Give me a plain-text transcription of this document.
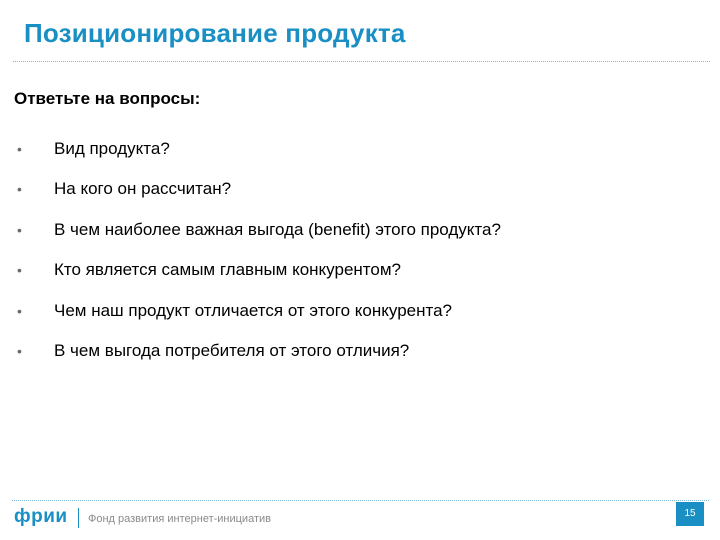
Позиционирование продукта
Ответьте на вопросы:
• Вид продукта?
• На кого он рассчитан?
• В чем наиболее важная выгода (benefit) этого продукта?
• Кто является самым главным конкурентом?
• Чем наш продукт отличается от этого конкурента?
• В чем выгода потребителя от этого отличия?
фрии Фонд развития интернет-инициатив	15
